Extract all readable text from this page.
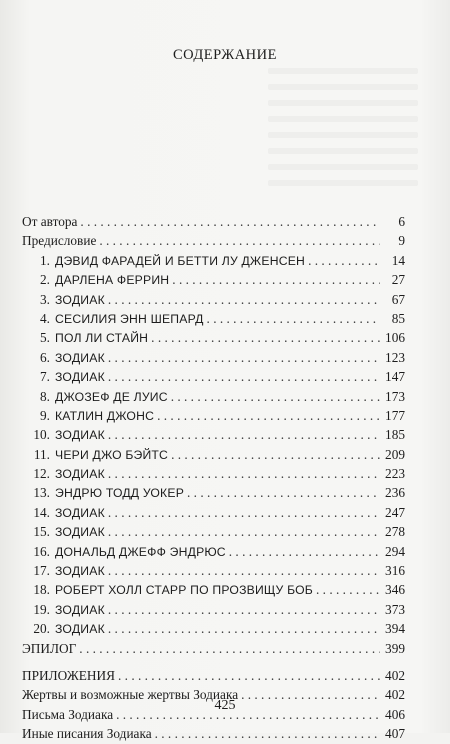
СОДЕРЖАНИЕ
От автора . . .	6
Предисловие . . .	9
1. ДЭВИД ФАРАДЕЙ И БЕТТИ ЛУ ДЖЕНСЕН . . .	14
2. ДАРЛЕНА ФЕРРИН . . .	27
3. ЗОДИАК . . .	67
4. СЕСИЛИЯ ЭНН ШЕПАРД . . .	85
5. ПОЛ ЛИ СТАЙН . . .	106
6. ЗОДИАК . . .	123
7. ЗОДИАК . . .	147
8. ДЖОЗЕФ ДЕ ЛУИС . . .	173
9. КАТЛИН ДЖОНС . . .	177
10. ЗОДИАК . . .	185
11. ЧЕРИ ДЖО БЭЙТС . . .	209
12. ЗОДИАК . . .	223
13. ЭНДРЮ ТОДД УОКЕР . . .	236
14. ЗОДИАК . . .	247
15. ЗОДИАК . . .	278
16. ДОНАЛЬД ДЖЕФФ ЭНДРЮС . . .	294
17. ЗОДИАК . . .	316
18. РОБЕРТ ХОЛЛ СТАРР ПО ПРОЗВИЩУ БОБ . . .	346
19. ЗОДИАК . . .	373
20. ЗОДИАК . . .	394
ЭПИЛОГ . . .	399
ПРИЛОЖЕНИЯ . . .	402
Жертвы и возможные жертвы Зодиака . . .	402
Письма Зодиака . . .	406
Иные писания Зодиака . . .	407
425
